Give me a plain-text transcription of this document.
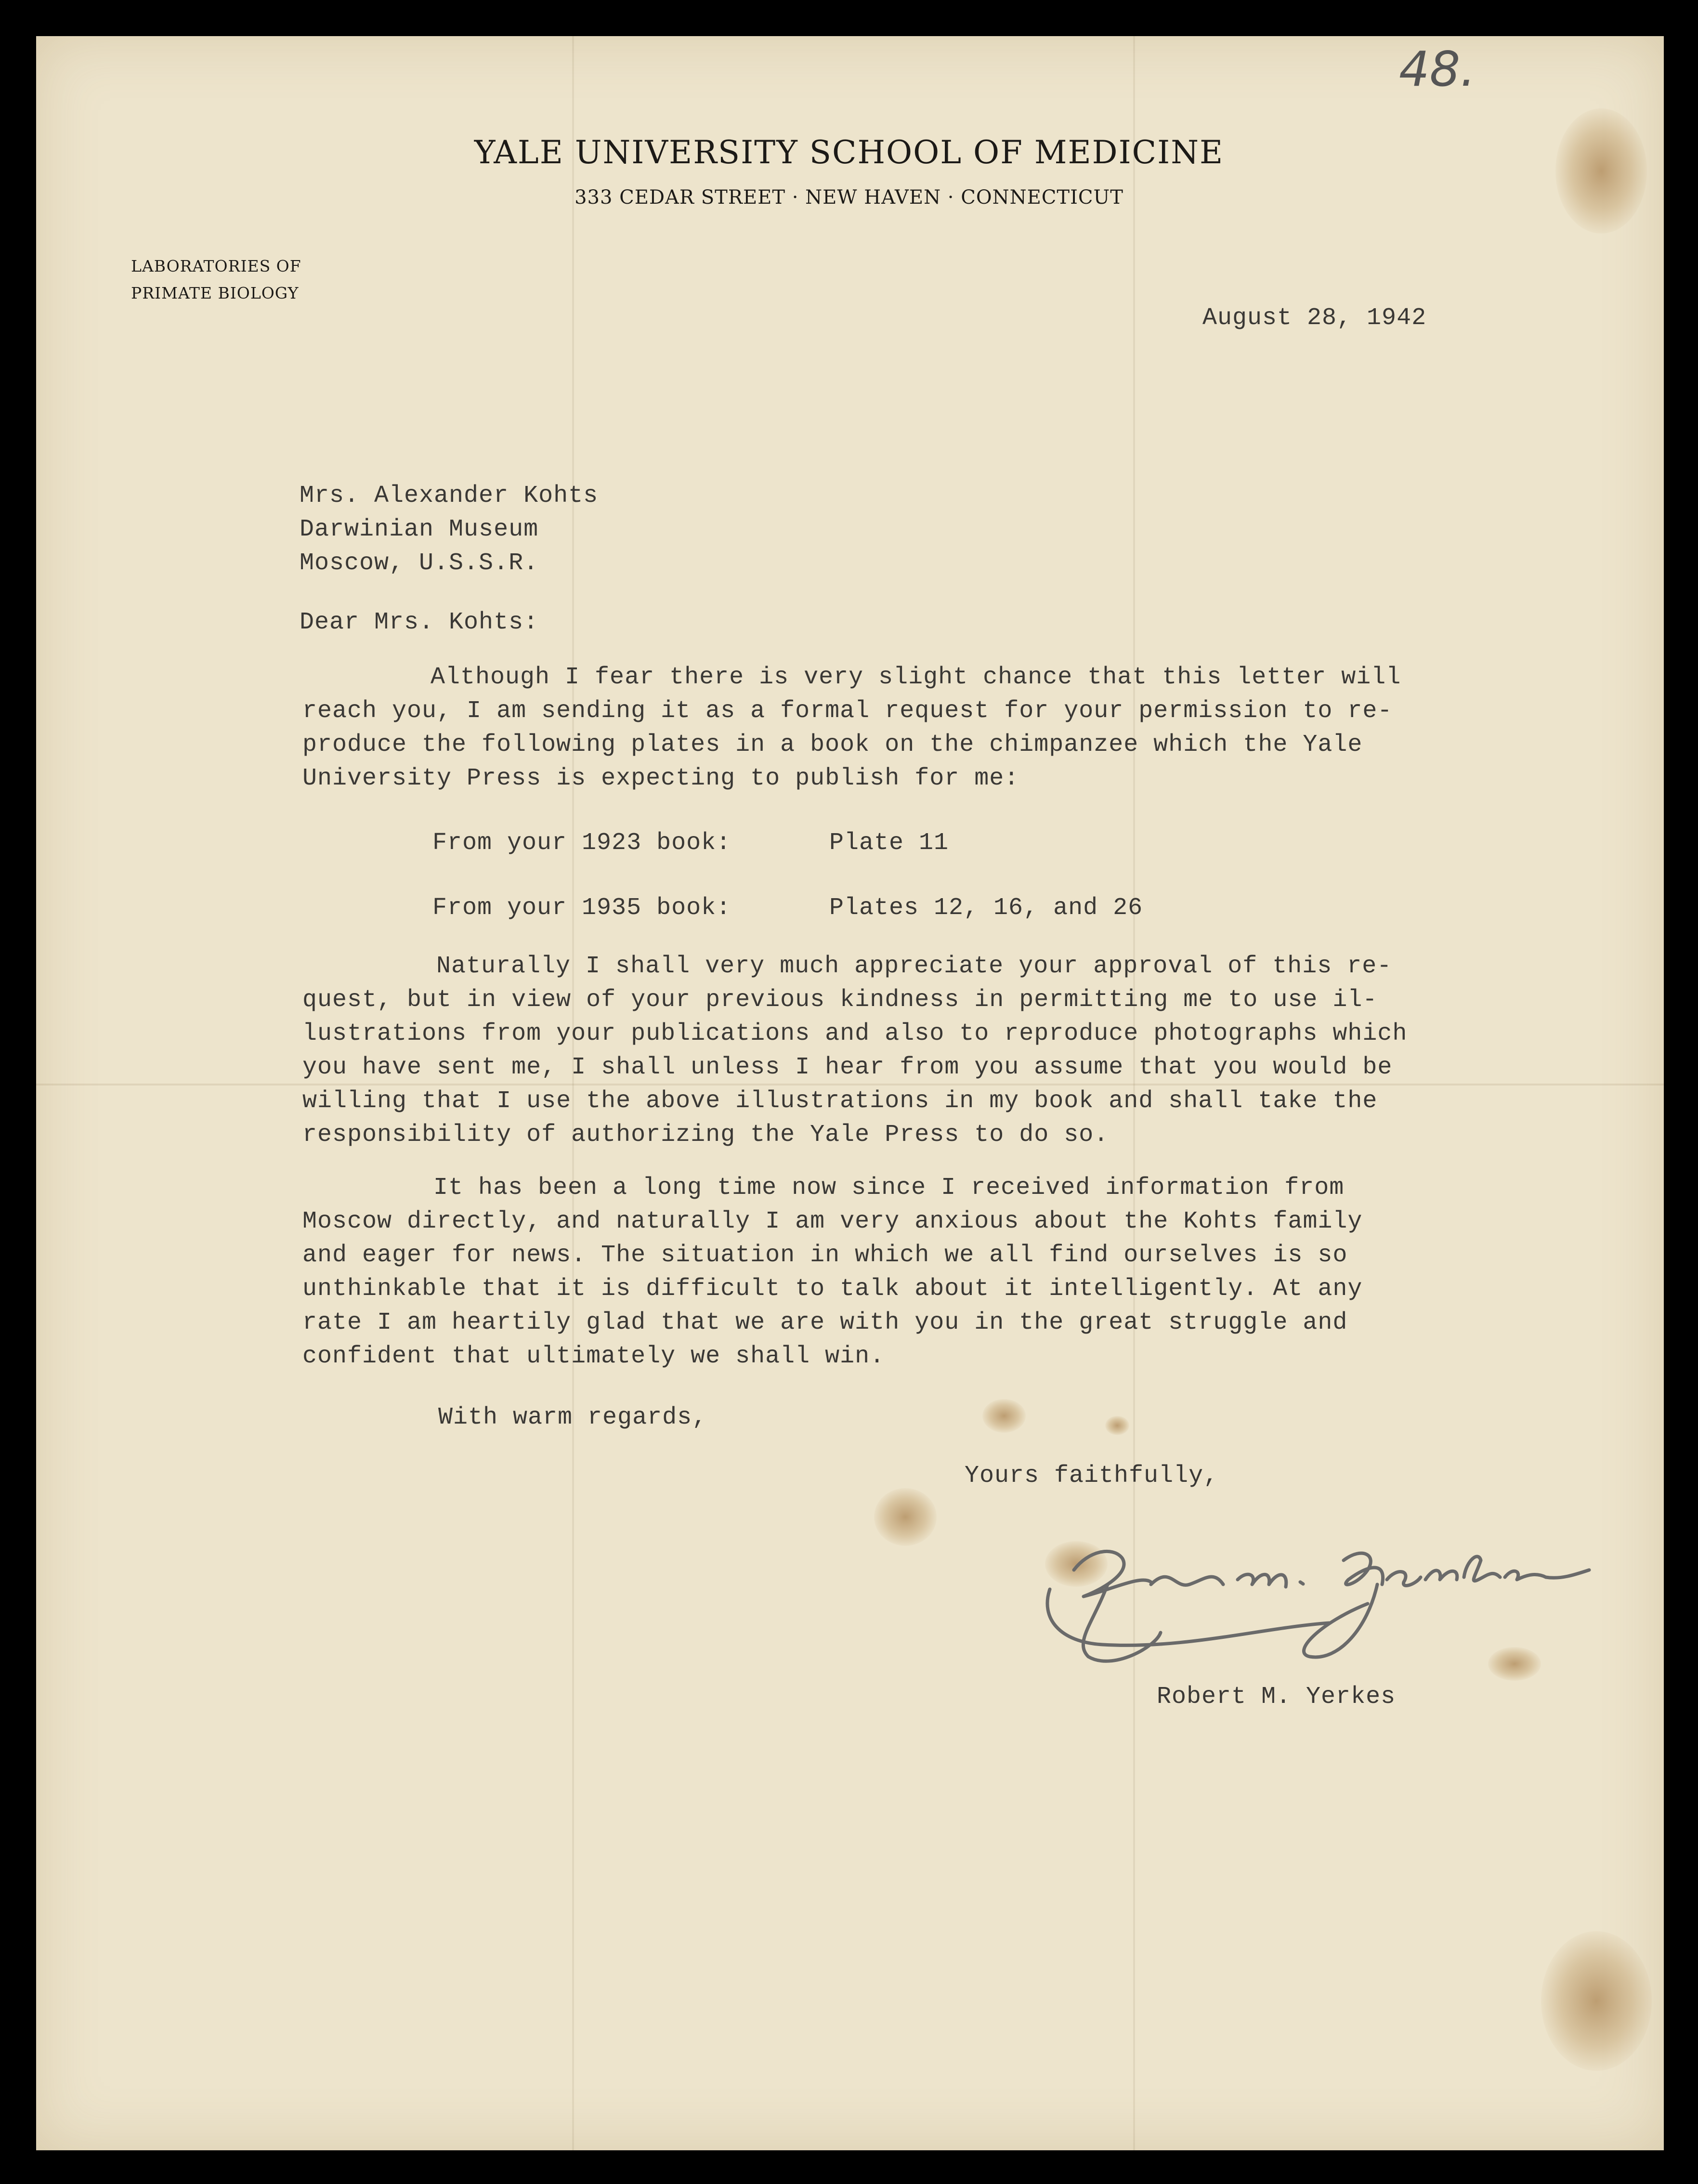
48.
YALE UNIVERSITY SCHOOL OF MEDICINE
333 CEDAR STREET · NEW HAVEN · CONNECTICUT
LABORATORIES OF
PRIMATE BIOLOGY
August 28, 1942
Mrs. Alexander Kohts
Darwinian Museum
Moscow, U.S.S.R.
Dear Mrs. Kohts:
Although I fear there is very slight chance that this letter will
reach you, I am sending it as a formal request for your permission to re-
produce the following plates in a book on the chimpanzee which the Yale
University Press is expecting to publish for me:
From your 1923 book:	Plate 11
From your 1935 book:	Plates 12, 16, and 26
Naturally I shall very much appreciate your approval of this re-
quest, but in view of your previous kindness in permitting me to use il-
lustrations from your publications and also to reproduce photographs which
you have sent me, I shall unless I hear from you assume that you would be
willing that I use the above illustrations in my book and shall take the
responsibility of authorizing the Yale Press to do so.
It has been a long time now since I received information from
Moscow directly, and naturally I am very anxious about the Kohts family
and eager for news. The situation in which we all find ourselves is so
unthinkable that it is difficult to talk about it intelligently. At any
rate I am heartily glad that we are with you in the great struggle and
confident that ultimately we shall win.
With warm regards,
Yours faithfully,
Robert M. Yerkes
